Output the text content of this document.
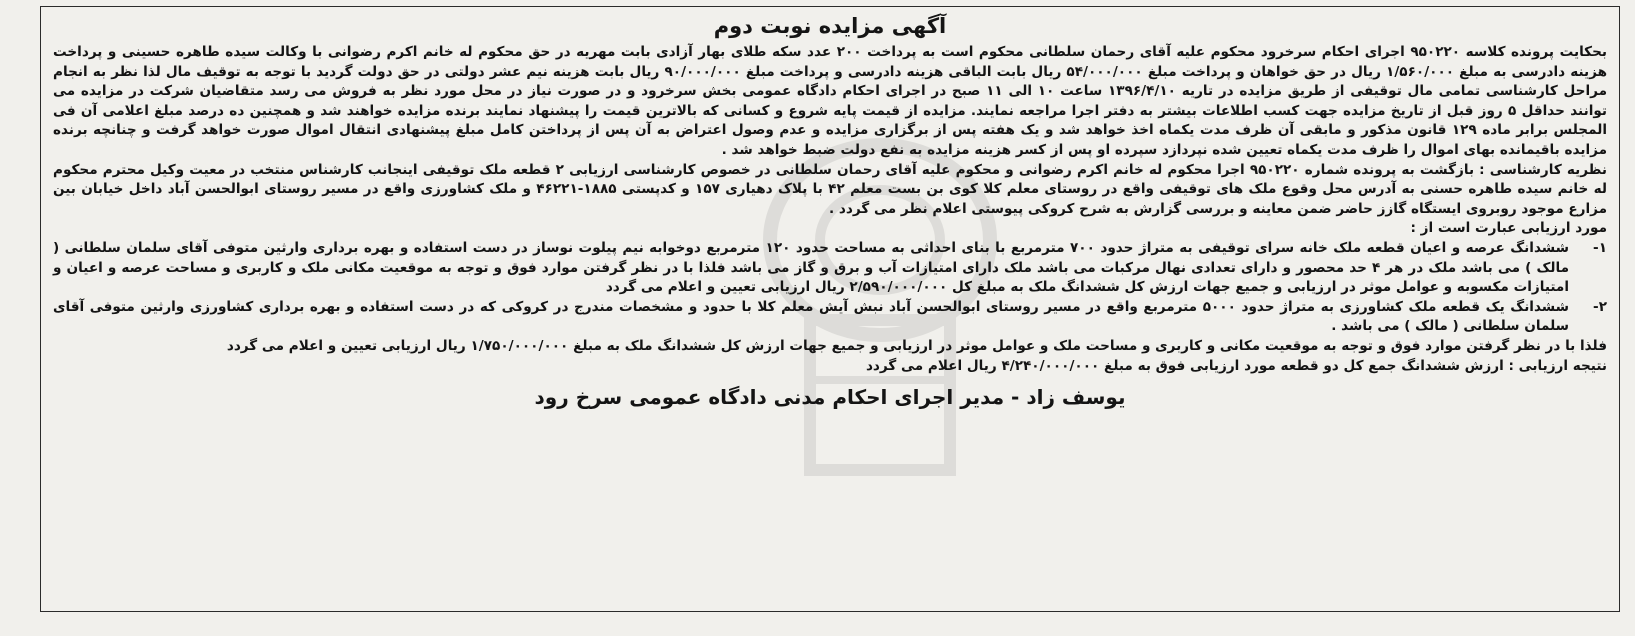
آگهی مزایده نوبت دوم

بحکایت پرونده کلاسه ۹۵۰۲۲۰ اجرای احکام سرخرود محکوم علیه آقای رحمان سلطانی محکوم است به پرداخت ۲۰۰ عدد سکه طلای بهار آزادی بابت مهریه در حق محکوم له خانم اکرم رضوانی با وکالت سیده طاهره حسینی و پرداخت هزینه دادرسی به مبلغ ۱/۵۶۰/۰۰۰ ریال در حق خواهان و پرداخت مبلغ ۵۴/۰۰۰/۰۰۰ ریال بابت الباقی هزینه دادرسی و پرداخت مبلغ ۹۰/۰۰۰/۰۰۰ ریال بابت هزینه نیم عشر دولتی در حق دولت گردید با توجه به توقیف مال لذا نظر به انجام مراحل کارشناسی تمامی مال توقیفی از طریق مزایده در تاریه ۱۳۹۶/۴/۱۰ ساعت ۱۰ الی ۱۱ صبح در اجرای احکام دادگاه عمومی بخش سرخرود و در صورت نیاز در محل مورد نظر به فروش می رسد متقاضیان شرکت در مزایده می توانند حداقل ۵ روز قبل از تاریخ مزایده جهت کسب اطلاعات بیشتر به دفتر اجرا مراجعه نمایند. مزایده از قیمت پایه شروع و کسانی که بالاترین قیمت را پیشنهاد نمایند برنده مزایده خواهند شد و همچنین ده درصد مبلغ اعلامی آن فی المجلس برابر ماده ۱۲۹ قانون مذکور و مابقی آن ظرف مدت یکماه اخذ خواهد شد و یک هفته پس از برگزاری مزایده و عدم وصول اعتراض به آن پس از پرداختن کامل مبلغ پیشنهادی انتقال اموال صورت خواهد گرفت و چنانچه برنده مزایده باقیمانده بهای اموال را ظرف مدت یکماه تعیین شده نپردازد سپرده او پس از کسر هزینه مزایده به نفع دولت ضبط خواهد شد .

نظریه کارشناسی : بازگشت به پرونده شماره ۹۵۰۲۲۰ اجرا محکوم له خانم اکرم رضوانی و محکوم علیه آقای رحمان سلطانی در خصوص کارشناسی ارزیابی ۲ قطعه ملک توقیفی اینجانب کارشناس منتخب در معیت وکیل محترم محکوم له خانم سیده طاهره حسنی به آدرس محل وقوع ملک های توقیفی واقع در روستای معلم کلا کوی بن بست معلم ۴۲ با پلاک دهیاری ۱۵۷ و کدپستی ۱۸۸۵-۴۶۲۲۱ و ملک کشاورزی واقع در مسیر روستای ابوالحسن آباد داخل خیابان بین مزارع موجود روبروی ایستگاه گازز حاضر ضمن معاینه و بررسی گزارش به شرح کروکی پیوستی اعلام نظر می گردد .

مورد ارزیابی عبارت است از :

۱-
ششدانگ عرصه و اعیان قطعه ملک خانه سرای توقیفی به متراژ حدود ۷۰۰ مترمربع با بنای احداثی به مساحت حدود ۱۲۰ مترمربع دوخوابه نیم پیلوت نوساز در دست استفاده و بهره برداری وارثین متوفی آقای سلمان سلطانی ( مالک ) می باشد ملک در هر ۴ حد محصور و دارای تعدادی نهال مرکبات می باشد ملک دارای امتیازات آب و برق و گاز می باشد فلذا با در نظر گرفتن موارد فوق و توجه به موقعیت مکانی ملک و کاربری و مساحت عرصه و اعیان و امتیازات مکسوبه و عوامل موثر در ارزیابی و جمیع جهات ارزش کل ششدانگ ملک به مبلغ کل ۲/۵۹۰/۰۰۰/۰۰۰ ریال ارزیابی تعیین و اعلام می گردد
۲-
ششدانگ یک قطعه ملک کشاورزی به متراژ حدود ۵۰۰۰ مترمربع واقع در مسیر روستای ابوالحسن آباد نبش آیش معلم کلا با حدود و مشخصات مندرج در کروکی که در دست استفاده و بهره برداری کشاورزی وارثین متوفی آقای سلمان سلطانی ( مالک ) می باشد .

فلذا با در نظر گرفتن موارد فوق و توجه به موقعیت مکانی و کاربری و مساحت ملک و عوامل موثر در ارزیابی و جمیع جهات ارزش کل ششدانگ ملک به مبلغ ۱/۷۵۰/۰۰۰/۰۰۰ ریال ارزیابی تعیین و اعلام می گردد

نتیجه ارزیابی : ارزش ششدانگ جمع کل دو قطعه مورد ارزیابی فوق به مبلغ ۴/۲۴۰/۰۰۰/۰۰۰ ریال اعلام می گردد

یوسف زاد - مدیر اجرای احکام مدنی دادگاه عمومی سرخ رود
